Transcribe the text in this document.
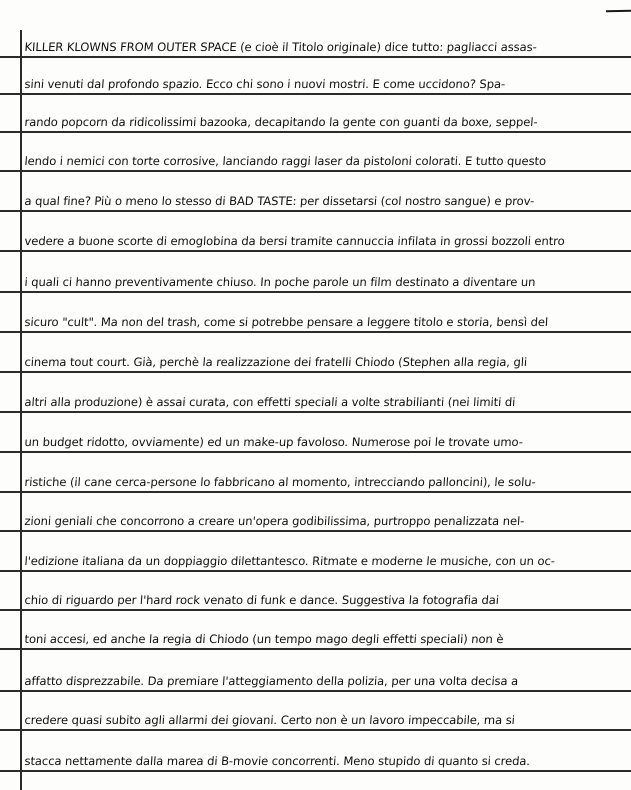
KILLER KLOWNS FROM OUTER SPACE (e cioè il Titolo originale) dice tutto: pagliacci assas-
sini venuti dal profondo spazio. Ecco chi sono i nuovi mostri. E come uccidono? Spa-
rando popcorn da ridicolissimi bazooka, decapitando la gente con guanti da boxe, seppel-
lendo i nemici con torte corrosive, lanciando raggi laser da pistoloni colorati. E tutto questo
a qual fine? Più o meno lo stesso di BAD TASTE: per dissetarsi (col nostro sangue) e prov-
vedere a buone scorte di emoglobina da bersi tramite cannuccia infilata in grossi bozzoli entro
i quali ci hanno preventivamente chiuso. In poche parole un film destinato a diventare un
sicuro "cult". Ma non del trash, come si potrebbe pensare a leggere titolo e storia, bensì del
cinema tout court. Già, perchè la realizzazione dei fratelli Chiodo (Stephen alla regia, gli
altri alla produzione) è assai curata, con effetti speciali a volte strabilianti (nei limiti di
un budget ridotto, ovviamente) ed un make-up favoloso. Numerose poi le trovate umo-
ristiche (il cane cerca-persone lo fabbricano al momento, intrecciando palloncini), le solu-
zioni geniali che concorrono a creare un'opera godibilissima, purtroppo penalizzata nel-
l'edizione italiana da un doppiaggio dilettantesco. Ritmate e moderne le musiche, con un oc-
chio di riguardo per l'hard rock venato di funk e dance. Suggestiva la fotografia dai
toni accesi, ed anche la regia di Chiodo (un tempo mago degli effetti speciali) non è
affatto disprezzabile. Da premiare l'atteggiamento della polizia, per una volta decisa a
credere quasi subito agli allarmi dei giovani. Certo non è un lavoro impeccabile, ma si
stacca nettamente dalla marea di B-movie concorrenti. Meno stupido di quanto si creda.
